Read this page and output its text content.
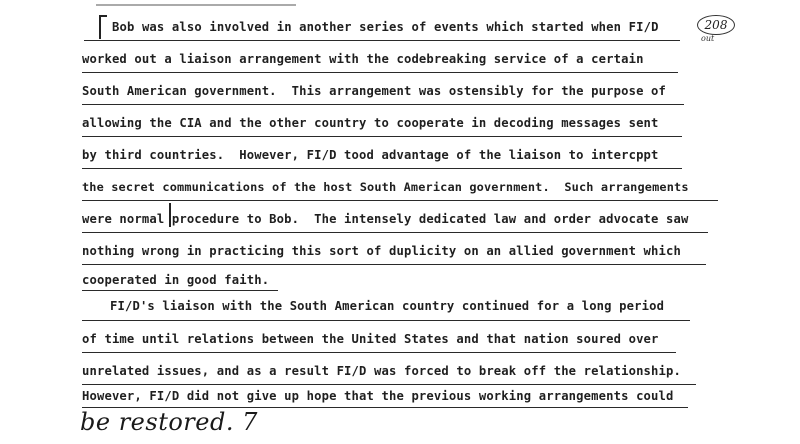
208
out
Bob was also involved in another series of events which started when FI/D
worked out a liaison arrangement with the codebreaking service of a certain
South American government.  This arrangement was ostensibly for the purpose of
allowing the CIA and the other country to cooperate in decoding messages sent
by third countries.  However, FI/D tood advantage of the liaison to intercppt
the secret communications of the host South American government.  Such arrangements
were normal procedure to Bob.  The intensely dedicated law and order advocate saw
nothing wrong in practicing this sort of duplicity on an allied government which
cooperated in good faith.
FI/D's liaison with the South American country continued for a long period
of time until relations between the United States and that nation soured over
unrelated issues, and as a result FI/D was forced to break off the relationship.
However, FI/D did not give up hope that the previous working arrangements could
be restored. 7
